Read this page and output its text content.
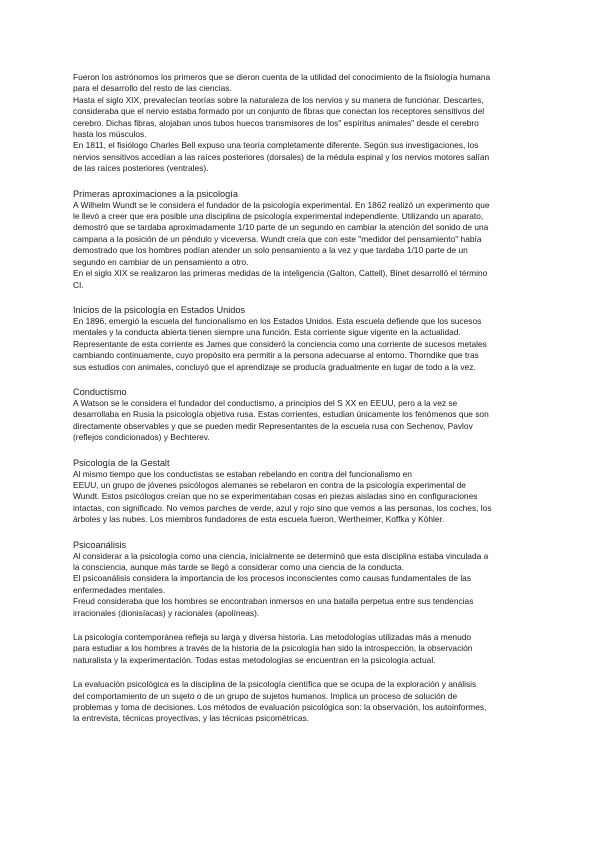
Fueron los astrónomos los primeros que se dieron cuenta de la utilidad del conocimiento de la fisiología humana
para el desarrollo del resto de las ciencias.

Hasta el siglo XIX, prevalecían teorías sobre la naturaleza de los nervios y su manera de funcionar. Descartes,
consideraba que el nervio estaba formado por un conjunto de fibras que conectan los receptores sensitivos del
cerebro. Dichas fibras, alojaban unos tubos huecos transmisores de los" espíritus animales" desde el cerebro
hasta los músculos.

En 1811, el fisiólogo Charles Bell expuso una teoría completamente diferente. Según sus investigaciones, los
nervios sensitivos accedían a las raíces posteriores (dorsales) de la médula espinal y los nervios motores salían
de las raíces posteriores (ventrales).

Primeras aproximaciones a la psicología

A Wilhelm Wundt se le considera el fundador de la psicología experimental. En 1862 realizó un experimento que
le llevó a creer que era posible una disciplina de psicología experimental independiente. Utilizando un aparato,
demostró que se tardaba aproximadamente 1/10 parte de un segundo en cambiar la atención del sonido de una
campana a la posición de un péndulo y viceversa. Wundt creía que con este "medidor del pensamiento" había
demostrado que los hombres podían atender un solo pensamiento a la vez y que tardaba 1/10 parte de un
segundo en cambiar de un pensamiento a otro.

En el siglo XIX se realizaron las primeras medidas de la inteligencia (Galton, Cattell), Binet desarrolló el término
CI.

Inicios de la psicología en Estados Unidos

En 1896, emergió la escuela del funcionalismo en los Estados Unidos. Esta escuela defiende que los sucesos
mentales y la conducta abierta tienen siempre una función. Esta corriente sigue vigente en la actualidad.
Representante de esta corriente es James que consideró la conciencia como una corriente de sucesos metales
cambiando continuamente, cuyo propósito era permitir a la persona adecuarse al entorno. Thorndike que tras
sus estudios con animales, concluyó que el aprendizaje se producía gradualmente en lugar de todo a la vez.

Conductismo

A Watson se le considera el fundador del conductismo, a principios del S XX en EEUU, pero a la vez se
desarrollaba en Rusia la psicología objetiva rusa. Estas corrientes, estudian únicamente los fenómenos que son
directamente observables y que se pueden medir Representantes de la escuela rusa con Sechenov, Pavlov
(reflejos condicionados) y Bechterev.

Psicología de la Gestalt

Al mismo tiempo que los conductistas se estaban rebelando en contra del funcionalismo en
EEUU, un grupo de jóvenes psicólogos alemanes se rebelaron en contra de la psicología experimental de
Wundt. Estos psicólogos creían que no se experimentaban cosas en piezas aisladas sino en configuraciones
intactas, con significado. No vemos parches de verde, azul y rojo sino que vemos a las personas, los coches, los
árboles y las nubes. Los miembros fundadores de esta escuela fueron, Wertheimer, Koffka y Köhler.

Psicoanálisis

Al considerar a la psicología como una ciencia, inicialmente se determinó que esta disciplina estaba vinculada a
la consciencia, aunque más tarde se llegó a considerar como una ciencia de la conducta.

El psicoanálisis considera la importancia de los procesos inconscientes como causas fundamentales de las
enfermedades mentales.

Freud consideraba que los hombres se encontraban inmersos en una batalla perpetua entre sus tendencias
irracionales (dionisíacas) y racionales (apolíneas).

La psicología contemporánea refleja su larga y diversa historia. Las metodologías utilizadas más a menudo
para estudiar a los hombres a través de la historia de la psicología han sido la introspección, la observación
naturalista y la experimentación. Todas estas metodologías se encuentran en la psicología actual.

La evaluación psicológica es la disciplina de la psicología científica que se ocupa de la exploración y análisis
del comportamiento de un sujeto o de un grupo de sujetos humanos. Implica un proceso de solución de
problemas y toma de decisiones. Los métodos de evaluación psicológica son: la observación, los autoinformes,
la entrevista, técnicas proyectivas, y las técnicas psicométricas.
